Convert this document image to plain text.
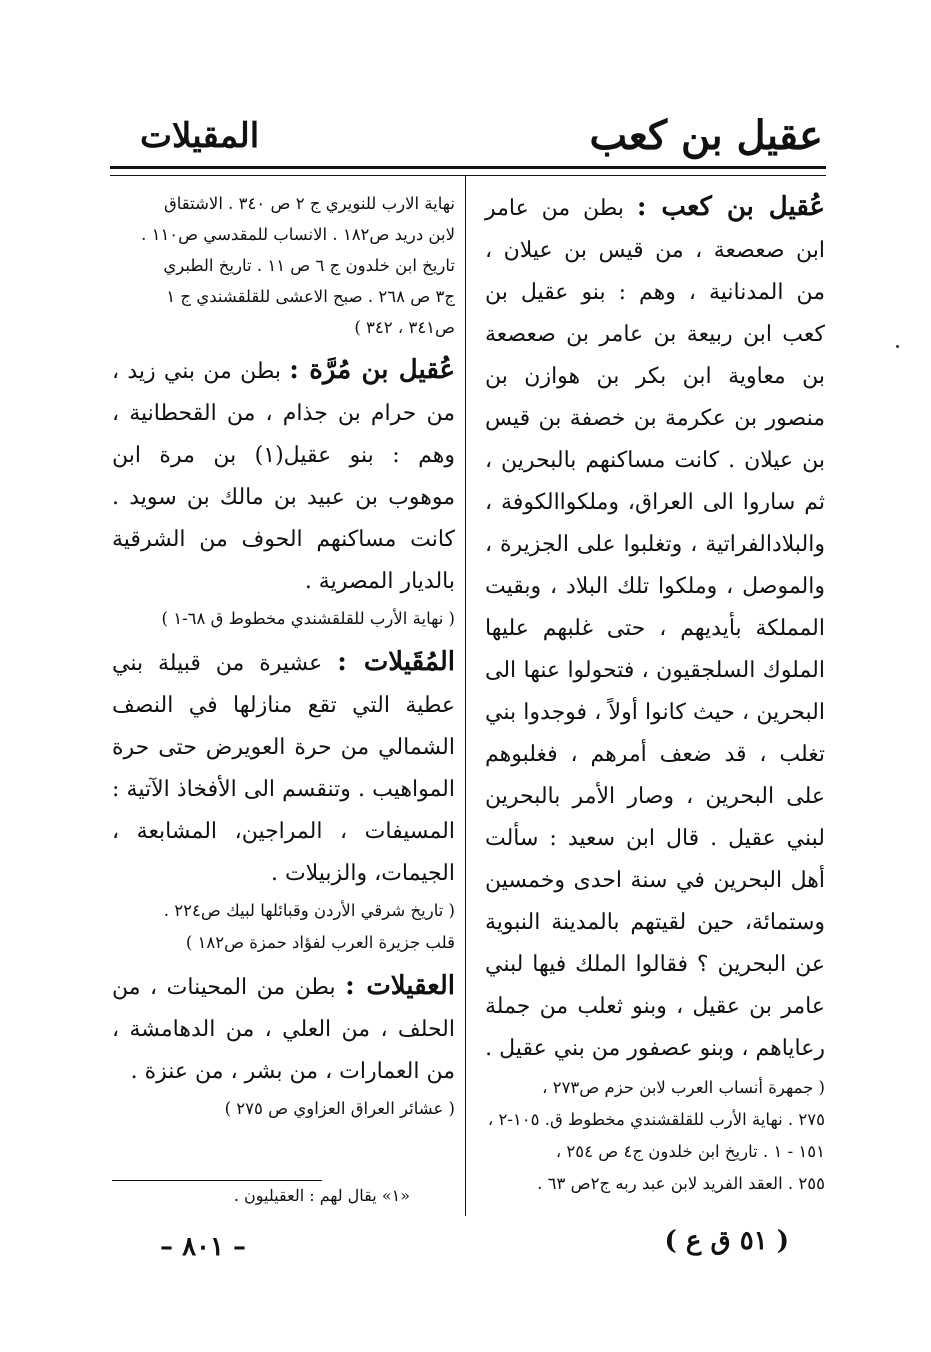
عقيل بن كعب
المقيلات

عُقيل بن كعب : بطن من عامر ابن صعصعة ، من قيس بن عيلان ، من المدنانية ، وهم : بنو عقيل بن كعب ابن ربيعة بن عامر بن صعصعة بن معاوية ابن بكر بن هوازن بن منصور بن عكرمة بن خصفة بن قيس بن عيلان . كانت مساكنهم بالبحرين ، ثم ساروا الى العراق، وملكواالكوفة ، والبلادالفراتية ، وتغلبوا على الجزيرة ، والموصل ، وملكوا تلك البلاد ، وبقيت المملكة بأيديهم ، حتى غلبهم عليها الملوك السلجقيون ، فتحولوا عنها الى البحرين ، حيث كانوا أولاً ، فوجدوا بني تغلب ، قد ضعف أمرهم ، فغلبوهم على البحرين ، وصار الأمر بالبحرين لبني عقيل . قال ابن سعيد : سألت أهل البحرين في سنة احدى وخمسين وستمائة، حين لقيتهم بالمدينة النبوية عن البحرين ؟ فقالوا الملك فيها لبني عامر بن عقيل ، وبنو ثعلب من جملة رعاياهم ، وبنو عصفور من بني عقيل .

( جمهرة أنساب العرب لابن حزم ص٢٧٣ ،

٢٧٥ . نهاية الأرب للقلقشندي مخطوط ق. ١٠٥-٢ ،

١٥١ - ١ . تاريخ ابن خلدون ج٤ ص ٢٥٤ ،

٢٥٥ . العقد الفريد لابن عبد ربه ج٢ص ٦٣ .

نهاية الارب للنويري ج ٢ ص ٣٤٠ . الاشتقاق

لابن دريد ص١٨٢ . الانساب للمقدسي ص١١٠ .

تاريخ ابن خلدون ج ٦ ص ١١ . تاريخ الطبري

ج٣ ص ٢٦٨ . صبح الاعشى للقلقشندي ج ١

ص٣٤١ ، ٣٤٢ )

عُقيل بن مُرَّة : بطن من بني زيد ، من حرام بن جذام ، من القحطانية ، وهم : بنو عقيل(١) بن مرة ابن موهوب بن عبيد بن مالك بن سويد . كانت مساكنهم الحوف من الشرقية بالديار المصرية .

( نهاية الأرب للقلقشندي مخطوط ق ٦٨-١ )

المُقَيلات : عشيرة من قبيلة بني عطية التي تقع منازلها في النصف الشمالي من حرة العويرض حتى حرة المواهيب . وتنقسم الى الأفخاذ الآتية : المسيفات ، المراجين، المشابعة ، الجيمات، والزبيلات .

( تاريخ شرقي الأردن وقبائلها لبيك ص٢٢٤ .

قلب جزيرة العرب لفؤاد حمزة ص١٨٢ )

العقيلات : بطن من المحينات ، من الحلف ، من العلي ، من الدهامشة ، من العمارات ، من بشر ، من عنزة .

( عشائر العراق العزاوي ص ٢٧٥ )

«١» يقال لهم : العقيليون .
– ٨٠١ –	( ٥١ ق ع )
